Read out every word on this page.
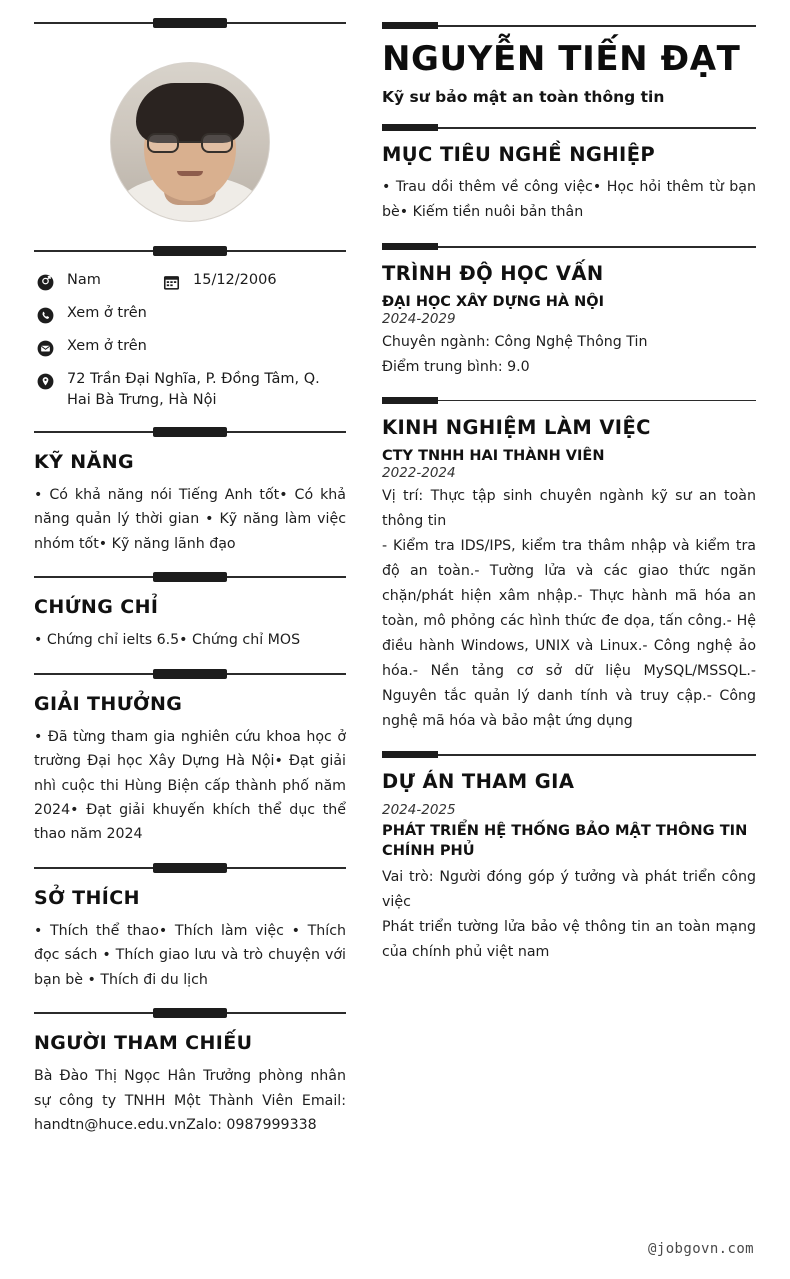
Nam	15/12/2006
Xem ở trên
Xem ở trên
72 Trần Đại Nghĩa, P. Đồng Tâm, Q. Hai Bà Trưng, Hà Nội
KỸ NĂNG
• Có khả năng nói Tiếng Anh tốt• Có khả năng quản lý thời gian • Kỹ năng làm việc nhóm tốt• Kỹ năng lãnh đạo
CHỨNG CHỈ
• Chứng chỉ ielts 6.5• Chứng chỉ MOS
GIẢI THƯỞNG
• Đã từng tham gia nghiên cứu khoa học ở trường Đại học Xây Dựng Hà Nội• Đạt giải nhì cuộc thi Hùng Biện cấp thành phố năm 2024• Đạt giải khuyến khích thể dục thể thao năm 2024
SỞ THÍCH
• Thích thể thao• Thích làm việc • Thích đọc sách • Thích giao lưu và trò chuyện với bạn bè • Thích đi du lịch
NGƯỜI THAM CHIẾU
Bà Đào Thị Ngọc Hân Trưởng phòng nhân sự công ty TNHH Một Thành Viên Email: handtn@huce.edu.vnZalo: 0987999338
NGUYỄN TIẾN ĐẠT
Kỹ sư bảo mật an toàn thông tin
MỤC TIÊU NGHỀ NGHIỆP
• Trau dồi thêm về công việc• Học hỏi thêm từ bạn bè• Kiếm tiền nuôi bản thân
TRÌNH ĐỘ HỌC VẤN
ĐẠI HỌC XÂY DỰNG HÀ NỘI
2024-2029
Chuyên ngành: Công Nghệ Thông Tin
Điểm trung bình: 9.0
KINH NGHIỆM LÀM VIỆC
CTY TNHH HAI THÀNH VIÊN
2022-2024
Vị trí: Thực tập sinh chuyên ngành kỹ sư an toàn thông tin
- Kiểm tra IDS/IPS, kiểm tra thâm nhập và kiểm tra độ an toàn.- Tường lửa và các giao thức ngăn chặn/phát hiện xâm nhập.- Thực hành mã hóa an toàn, mô phỏng các hình thức đe dọa, tấn công.- Hệ điều hành Windows, UNIX và Linux.- Công nghệ ảo hóa.- Nền tảng cơ sở dữ liệu MySQL/MSSQL.- Nguyên tắc quản lý danh tính và truy cập.- Công nghệ mã hóa và bảo mật ứng dụng
DỰ ÁN THAM GIA
2024-2025
PHÁT TRIỂN HỆ THỐNG BẢO MẬT THÔNG TIN CHÍNH PHỦ
Vai trò: Người đóng góp ý tưởng và phát triển công việc
Phát triển tường lửa bảo vệ thông tin an toàn mạng của chính phủ việt nam
@jobgovn.com
